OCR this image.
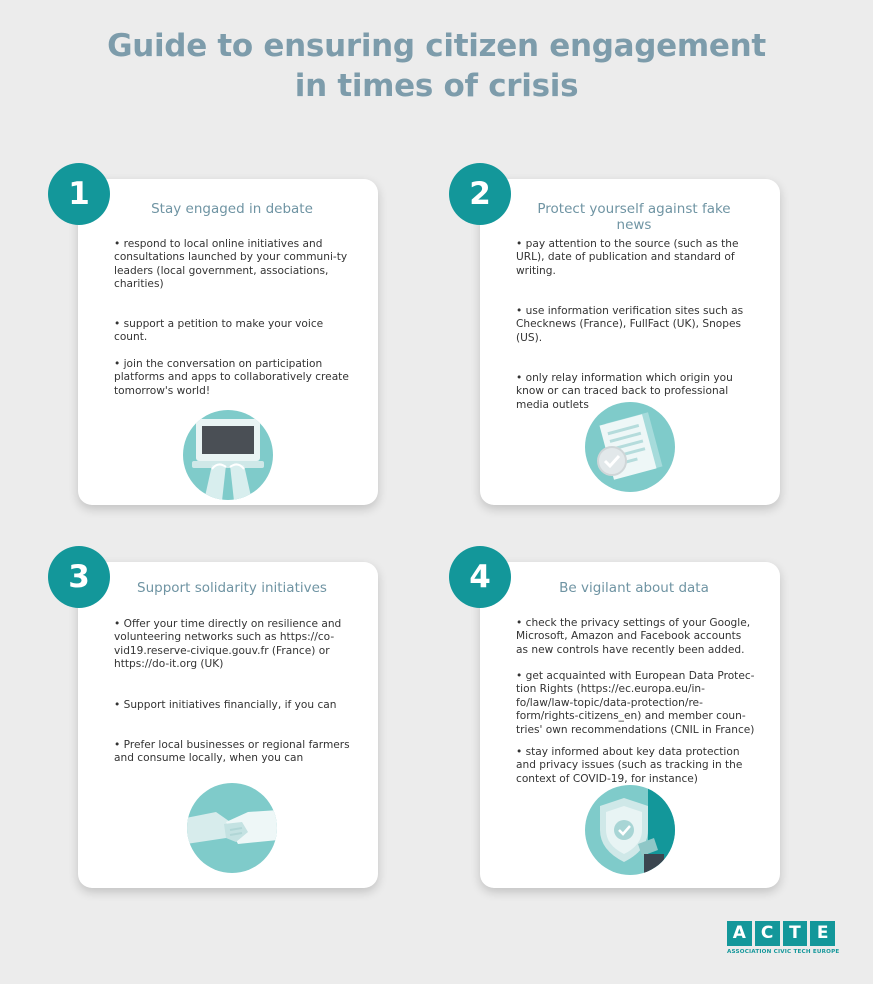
Guide to ensuring citizen engagement
in times of crisis
Stay engaged in debate
• respond to local online initiatives and consultations launched by your communi-ty leaders (local government, associations, charities)
• support a petition to make your voice count.
• join the conversation on participation platforms and apps to collaboratively create tomorrow's world!
1	Protect yourself against fake news
• pay attention to the source (such as the URL), date of publication and standard of writing.
• use information verification sites such as Checknews (France), FullFact (UK), Snopes (US).
• only relay information which origin you know or can traced back to professional media outlets
2
Support solidarity initiatives
• Offer your time directly on resilience and volunteering networks such as https://co-vid19.reserve-civique.gouv.fr (France) or https://do-it.org (UK)
• Support initiatives financially, if you can
• Prefer local businesses or regional farmers and consume locally, when you can
3	Be vigilant about data
• check the privacy settings of your Google, Microsoft, Amazon and Facebook accounts as new controls have recently been added.
• get acquainted with European Data Protec-tion Rights (https://ec.europa.eu/in-fo/law/law-topic/data-protection/re-form/rights-citizens_en) and member coun-tries' own recommendations (CNIL in France)
• stay informed about key data protection and privacy issues (such as tracking in the context of COVID-19, for instance)
4
A C T E
ASSOCIATION CIVIC TECH EUROPE
